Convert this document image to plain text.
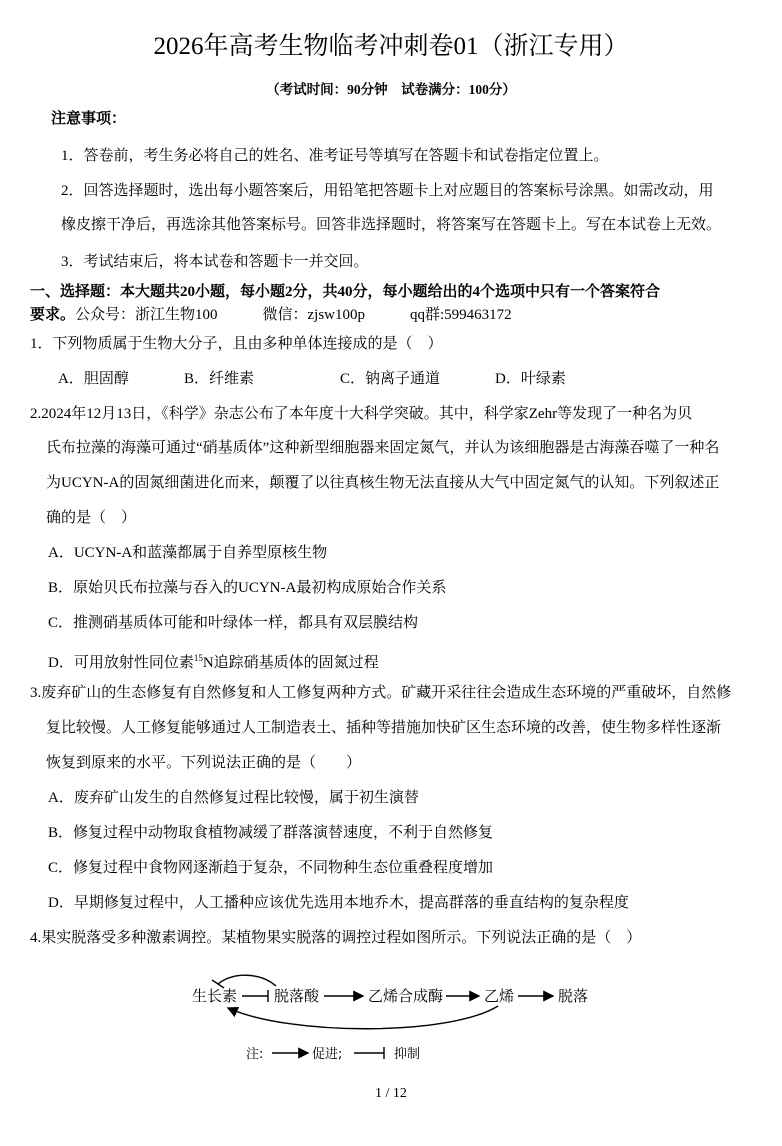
2026年高考生物临考冲刺卷01（浙江专用）
（考试时间：90分钟　试卷满分：100分）
注意事项：
1．答卷前，考生务必将自己的姓名、准考证号等填写在答题卡和试卷指定位置上。
2．回答选择题时，选出每小题答案后，用铅笔把答题卡上对应题目的答案标号涂黑。如需改动，用
橡皮擦干净后，再选涂其他答案标号。回答非选择题时，将答案写在答题卡上。写在本试卷上无效。
3．考试结束后，将本试卷和答题卡一并交回。
一、选择题：本大题共20小题，每小题2分，共40分，每小题给出的4个选项中只有一个答案符合
要求。公众号：浙江生物100　　　微信：zjsw100p　　　qq群:599463172
1．下列物质属于生物大分子，且由多种单体连接成的是（　）
A．胆固醇	B．纤维素	C．钠离子通道	D．叶绿素
2.2024年12月13日，《科学》杂志公布了本年度十大科学突破。其中，科学家Zehr等发现了一种名为贝
氏布拉藻的海藻可通过“硝基质体”这种新型细胞器来固定氮气，并认为该细胞器是古海藻吞噬了一种名
为UCYN-A的固氮细菌进化而来，颠覆了以往真核生物无法直接从大气中固定氮气的认知。下列叙述正
确的是（　）
A．UCYN-A和蓝藻都属于自养型原核生物
B．原始贝氏布拉藻与吞入的UCYN-A最初构成原始合作关系
C．推测硝基质体可能和叶绿体一样，都具有双层膜结构
D．可用放射性同位素$^{15}$N追踪硝基质体的固氮过程
3.废弃矿山的生态修复有自然修复和人工修复两种方式。矿藏开采往往会造成生态环境的严重破坏，自然修
复比较慢。人工修复能够通过人工制造表土、插种等措施加快矿区生态环境的改善，使生物多样性逐渐
恢复到原来的水平。下列说法正确的是（　　）
A．废弃矿山发生的自然修复过程比较慢，属于初生演替
B．修复过程中动物取食植物减缓了群落演替速度，不利于自然修复
C．修复过程中食物网逐渐趋于复杂，不同物种生态位重叠程度增加
D．早期修复过程中，人工播种应该优先选用本地乔木，提高群落的垂直结构的复杂程度
4.果实脱落受多种激素调控。某植物果实脱落的调控过程如图所示。下列说法正确的是（　）
生长素 脱落酸	乙烯合成酶	乙烯	脱落
注:	促进;	抑制
1 / 12
